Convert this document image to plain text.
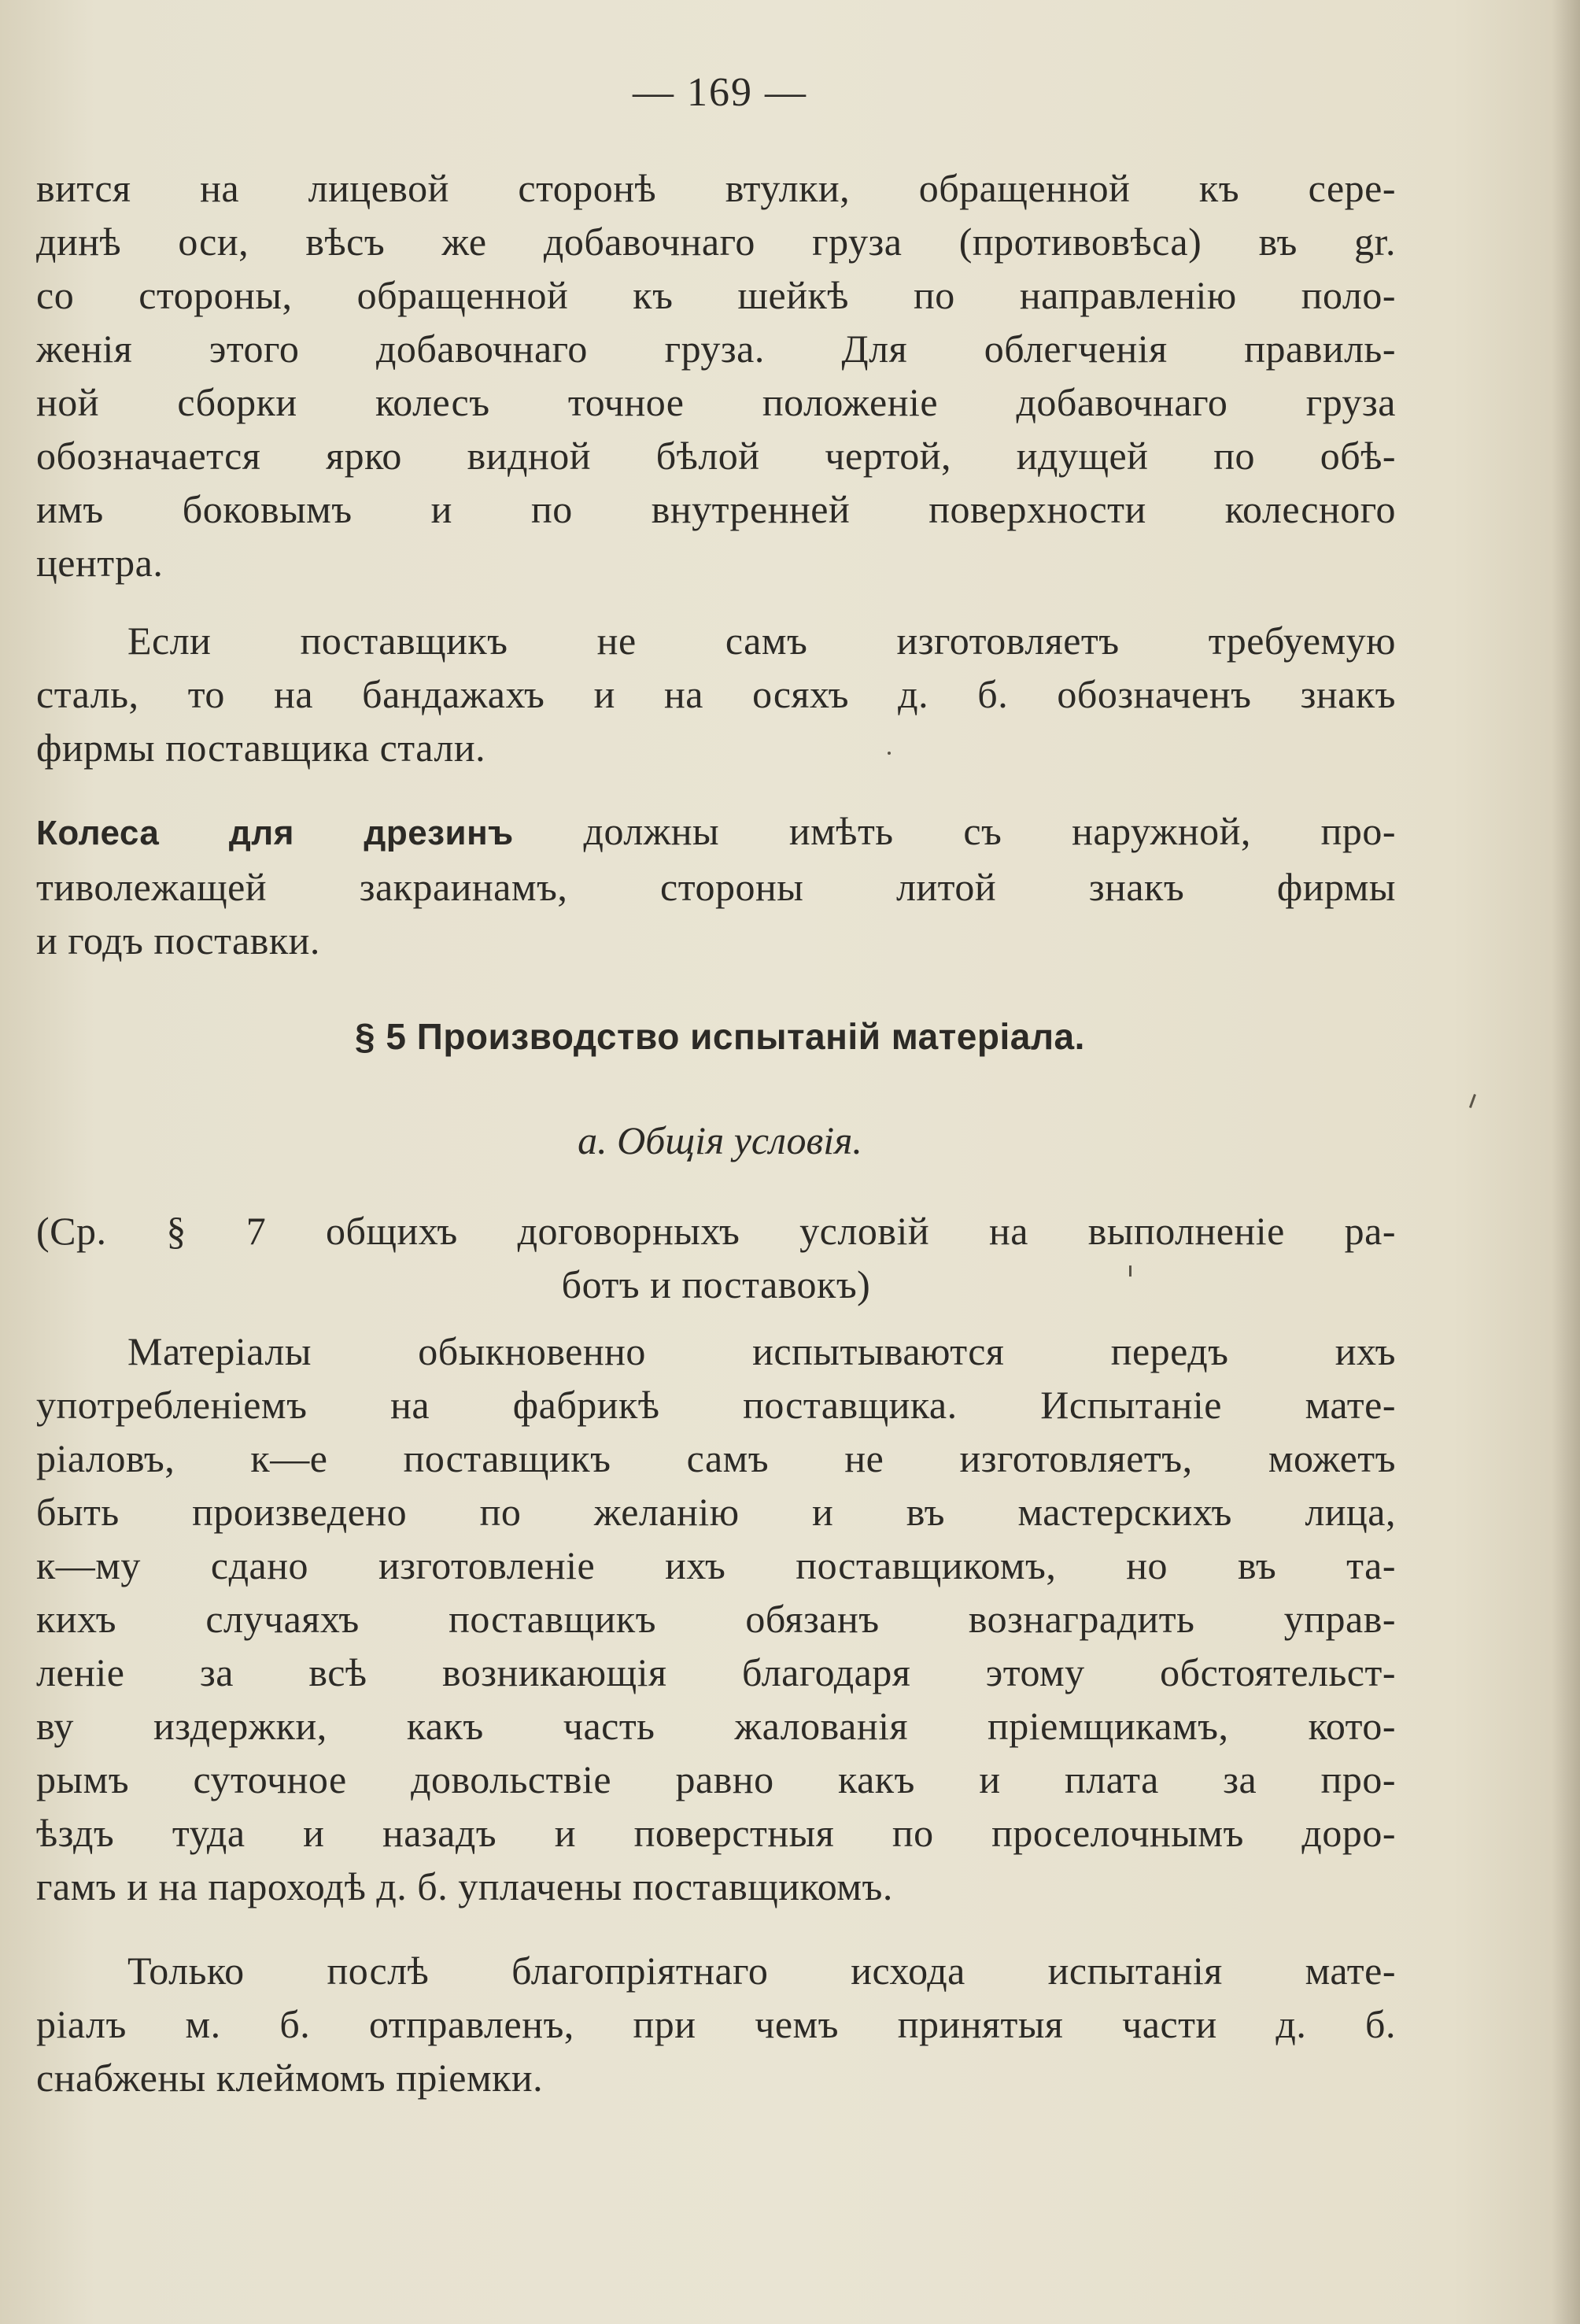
— 169 —
вится на лицевой сторонѣ втулки, обращенной къ сере-
динѣ оси, вѣсъ же добавочнаго груза (противовѣса) въ gr.
со стороны, обращенной къ шейкѣ по направленію поло-
женія этого добавочнаго груза. Для облегченія правиль-
ной сборки колесъ точное положеніе добавочнаго груза
обозначается ярко видной бѣлой чертой, идущей по обѣ-
имъ боковымъ и по внутренней поверхности колесного
центра.
Если поставщикъ не самъ изготовляетъ требуемую
сталь, то на бандажахъ и на осяхъ д. б. обозначенъ знакъ
фирмы поставщика стали.
Колеса для дрезинъ должны имѣть съ наружной, про-
тиволежащей закраинамъ, стороны литой знакъ фирмы
и годъ поставки.
§ 5 Производство испытаній матеріала.
а. Общія условія.
(Ср. § 7 общихъ договорныхъ условій на выполненіе ра-
ботъ и поставокъ)
Матеріалы обыкновенно испытываются передъ ихъ
употребленіемъ на фабрикѣ поставщика. Испытаніе мате-
ріаловъ, к—е поставщикъ самъ не изготовляетъ, можетъ
быть произведено по желанію и въ мастерскихъ лица,
к—му сдано изготовленіе ихъ поставщикомъ, но въ та-
кихъ случаяхъ поставщикъ обязанъ вознаградить управ-
леніе за всѣ возникающія благодаря этому обстоятельст-
ву издержки, какъ часть жалованія пріемщикамъ, кото-
рымъ суточное довольствіе равно какъ и плата за про-
ѣздъ туда и назадъ и поверстныя по проселочнымъ доро-
гамъ и на пароходѣ д. б. уплачены поставщикомъ.
Только послѣ благопріятнаго исхода испытанія мате-
ріалъ м. б. отправленъ, при чемъ принятыя части д. б.
снабжены клеймомъ пріемки.
